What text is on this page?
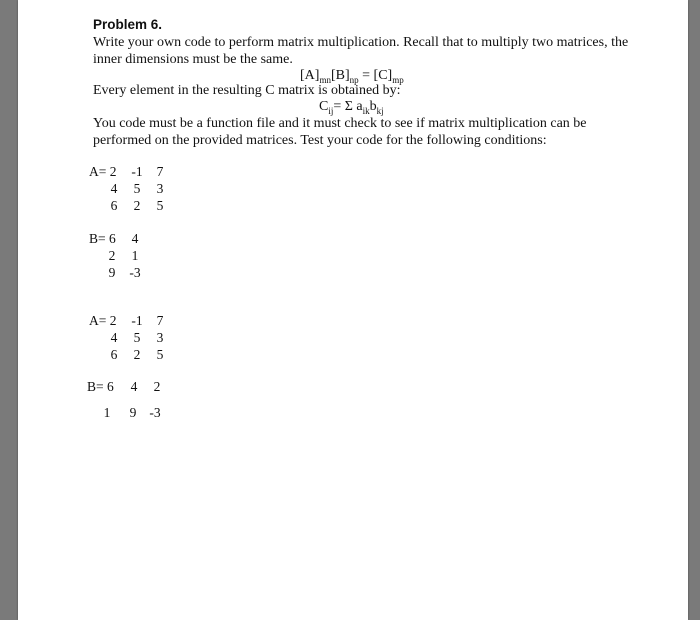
Problem 6.
Write your own code to perform matrix multiplication. Recall that to multiply two matrices, the
inner dimensions must be the same.
$[A]_{mn}[B]_{np} = [C]_{mp}$
Every element in the resulting C matrix is obtained by:
$C_{ij}= \Sigma$ $a_{ik}b_{kj}$
You code must be a function file and it must check to see if matrix multiplication can be
performed on the provided matrices. Test your code for the following conditions:
A= 2 -1	7
4	5	3
6	2	5
B= 6	4
2	1
9	-3
A= 2 -1	7
4	5	3
6	2	5
B= 6	4	2
1	9 -3
